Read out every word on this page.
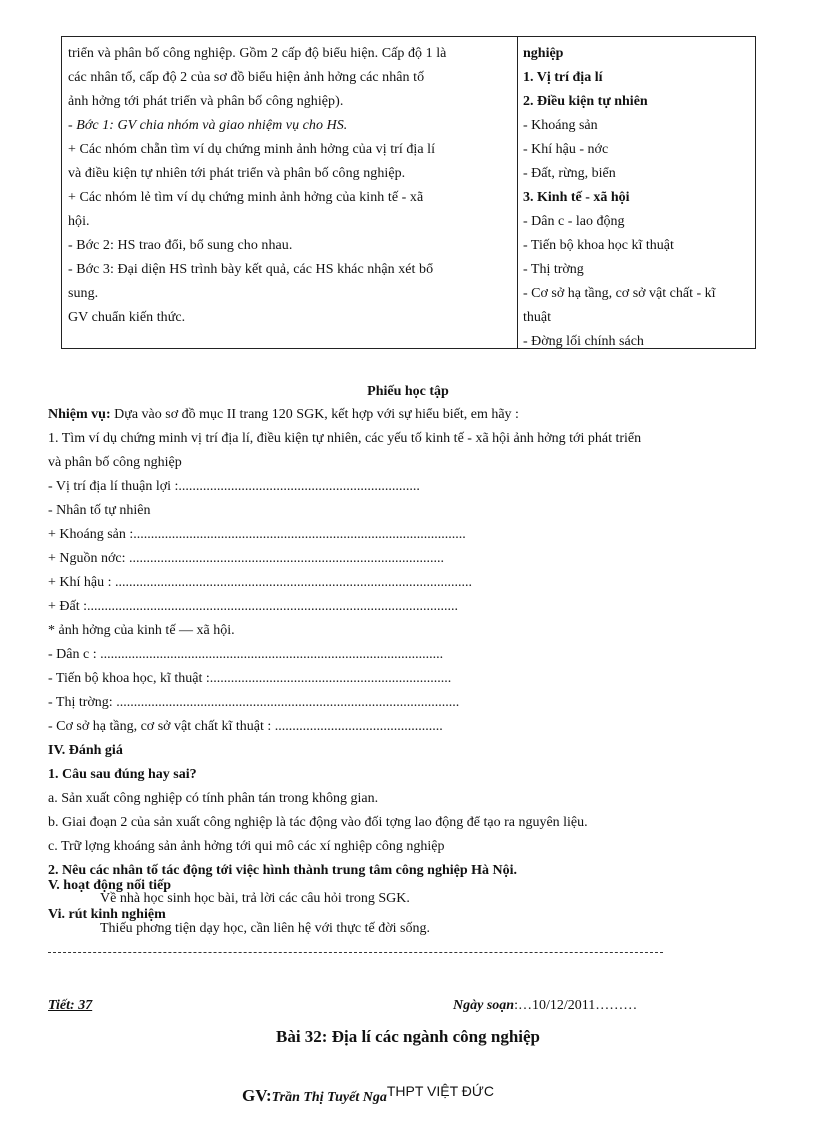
triển và phân bố công nghiệp. Gồm 2 cấp độ biểu hiện. Cấp độ 1 là
các nhân tố, cấp độ 2 của sơ đồ biểu hiện ảnh hởng các nhân tố
ảnh hởng tới phát triển và phân bố công nghiệp).
- Bớc 1: GV chia nhóm và giao nhiệm vụ cho HS.
+ Các nhóm chẵn tìm ví dụ chứng minh ảnh hởng của vị trí địa lí
và điều kiện tự nhiên tới phát triển và phân bố công nghiệp.
+ Các nhóm lẻ tìm ví dụ chứng minh ảnh hởng của kinh tế - xã
hội.
- Bớc 2: HS trao đổi, bổ sung cho nhau.
- Bớc 3: Đại diện HS trình bày kết quả, các HS khác nhận xét bổ
sung.
GV chuẩn kiến thức.
nghiệp
1. Vị trí địa lí
2. Điều kiện tự nhiên
- Khoáng sản
- Khí hậu - nớc
- Đất, rừng, biển
3. Kinh tế - xã hội
- Dân c - lao động
- Tiến bộ khoa học kĩ thuật
- Thị trờng
- Cơ sở hạ tầng, cơ sở vật chất - kĩ
thuật
- Đờng lối chính sách
Phiếu học tập
Nhiệm vụ: Dựa vào sơ đồ mục II trang 120 SGK, kết hợp với sự hiểu biết, em hãy :
1. Tìm ví dụ chứng minh vị trí địa lí, điều kiện tự nhiên, các yếu tố kinh tế - xã hội ảnh hởng tới phát triển
và phân bố công nghiệp
- Vị trí địa lí thuận lợi :.....................................................................
- Nhân tố tự nhiên
+ Khoáng sản :...............................................................................................
+ Nguồn nớc: ..........................................................................................
+ Khí hậu : ......................................................................................................
+ Đất :..........................................................................................................
* ảnh hởng của kinh tế — xã hội.
- Dân c : ..................................................................................................
- Tiến bộ khoa học, kĩ thuật :.....................................................................
- Thị trờng: ..................................................................................................
- Cơ sở hạ tầng, cơ sở vật chất kĩ thuật : ................................................
IV. Đánh giá
1. Câu sau đúng hay sai?
a. Sản xuất công nghiệp có tính phân tán trong không gian.
b. Giai đoạn 2 của sản xuất công nghiệp là tác động vào đối tợng lao động để tạo ra nguyên liệu.
c. Trữ lợng khoáng sản ảnh hởng tới qui mô các xí nghiệp công nghiệp
2. Nêu các nhân tố tác động tới việc hình thành trung tâm công nghiệp Hà Nội.
V. hoạt động nối tiếp
Về nhà học sinh học bài, trả lời các câu hỏi trong SGK.
Vi. rút kinh nghiệm
Thiếu phơng tiện dạy học, cần liên hệ với thực tế đời sống.
Tiết: 37	Ngày soạn:…10/12/2011………
Bài 32: Địa lí các ngành công nghiệp
GV:Trần Thị Tuyết Nga$^{THPT VIỆT ĐỨC}$
